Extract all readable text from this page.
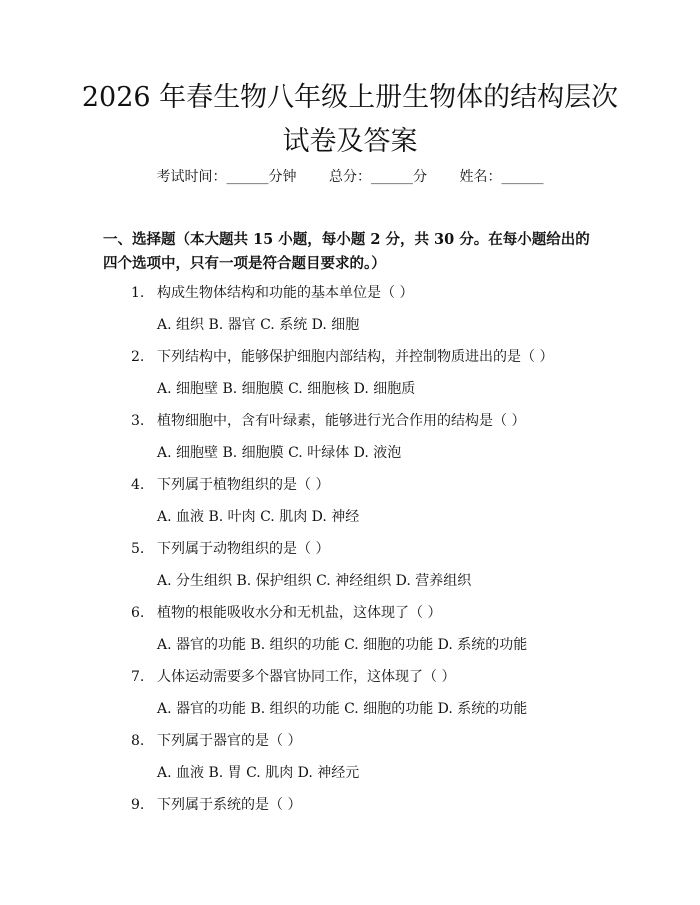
2026 年春生物八年级上册生物体的结构层次
试卷及答案
考试时间：______分钟 总分：______分 姓名：______
一、选择题（本大题共 15 小题，每小题 2 分，共 30 分。在每小题给出的四个选项中，只有一项是符合题目要求的。）
1. 构成生物体结构和功能的基本单位是（ ）
A. 组织 B. 器官 C. 系统 D. 细胞
2. 下列结构中，能够保护细胞内部结构，并控制物质进出的是（ ）
A. 细胞壁 B. 细胞膜 C. 细胞核 D. 细胞质
3. 植物细胞中，含有叶绿素，能够进行光合作用的结构是（ ）
A. 细胞壁 B. 细胞膜 C. 叶绿体 D. 液泡
4. 下列属于植物组织的是（ ）
A. 血液 B. 叶肉 C. 肌肉 D. 神经
5. 下列属于动物组织的是（ ）
A. 分生组织 B. 保护组织 C. 神经组织 D. 营养组织
6. 植物的根能吸收水分和无机盐，这体现了（ ）
A. 器官的功能 B. 组织的功能 C. 细胞的功能 D. 系统的功能
7. 人体运动需要多个器官协同工作，这体现了（ ）
A. 器官的功能 B. 组织的功能 C. 细胞的功能 D. 系统的功能
8. 下列属于器官的是（ ）
A. 血液 B. 胃 C. 肌肉 D. 神经元
9. 下列属于系统的是（ ）
